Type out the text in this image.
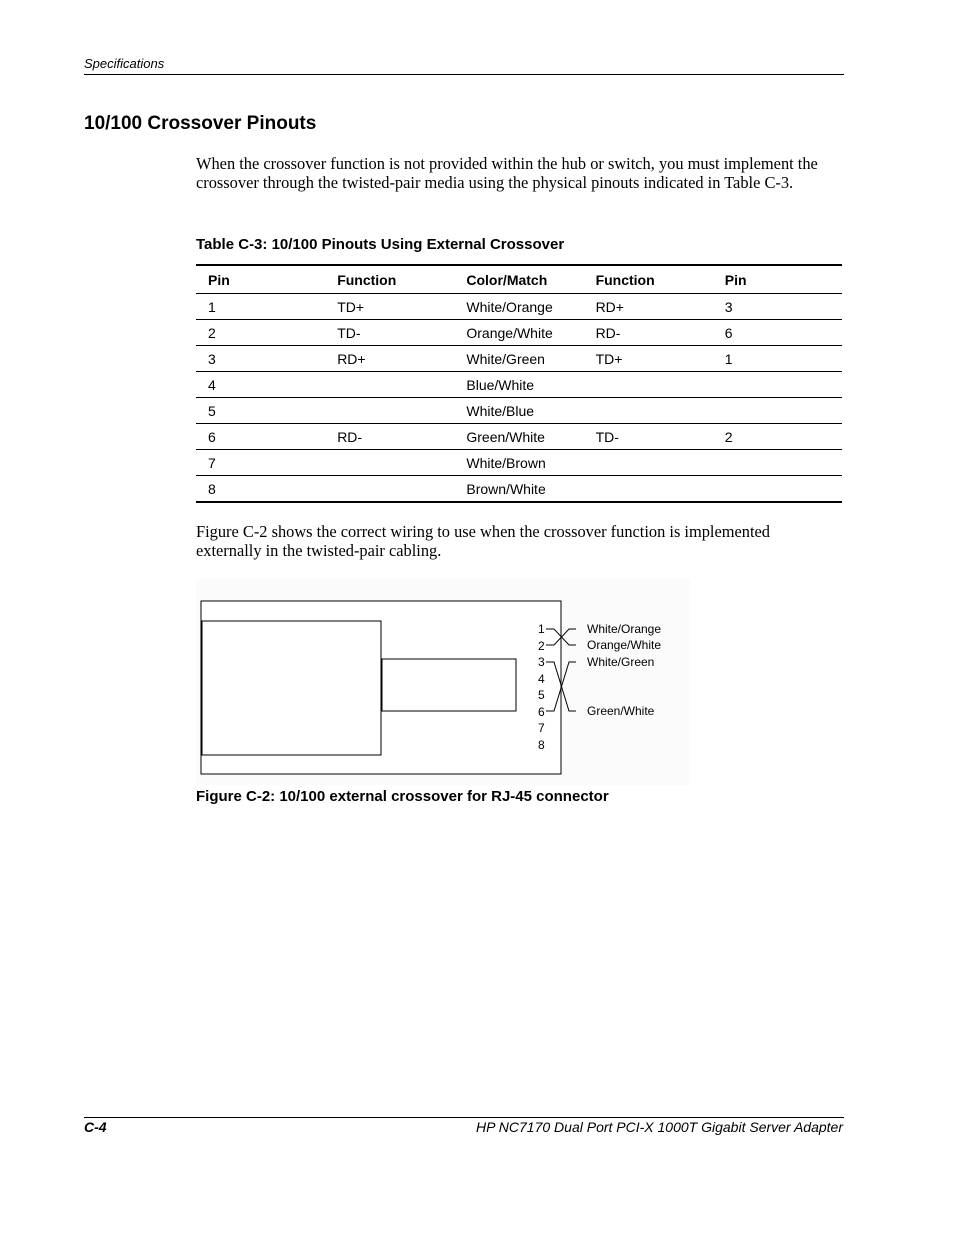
Specifications
10/100 Crossover Pinouts

When the crossover function is not provided within the hub or switch, you must implement the crossover through the twisted-pair media using the physical pinouts indicated in Table C-3.

Table C-3: 10/100 Pinouts Using External Crossover
Pin	Function	Color/Match	Function	Pin
1	TD+	White/Orange	RD+	3
2	TD-	Orange/White	RD-	6
3	RD+	White/Green	TD+	1
4		Blue/White		
5		White/Blue		
6	RD-	Green/White	TD-	2
7		White/Brown		
8		Brown/White		

Figure C-2 shows the correct wiring to use when the crossover function is implemented externally in the twisted-pair cabling.

1
2
3
4
5
6
7
8
White/Orange
Orange/White
White/Green
Green/White
Figure C-2: 10/100 external crossover for RJ-45 connector
C-4	HP NC7170 Dual Port PCI-X 1000T Gigabit Server Adapter
